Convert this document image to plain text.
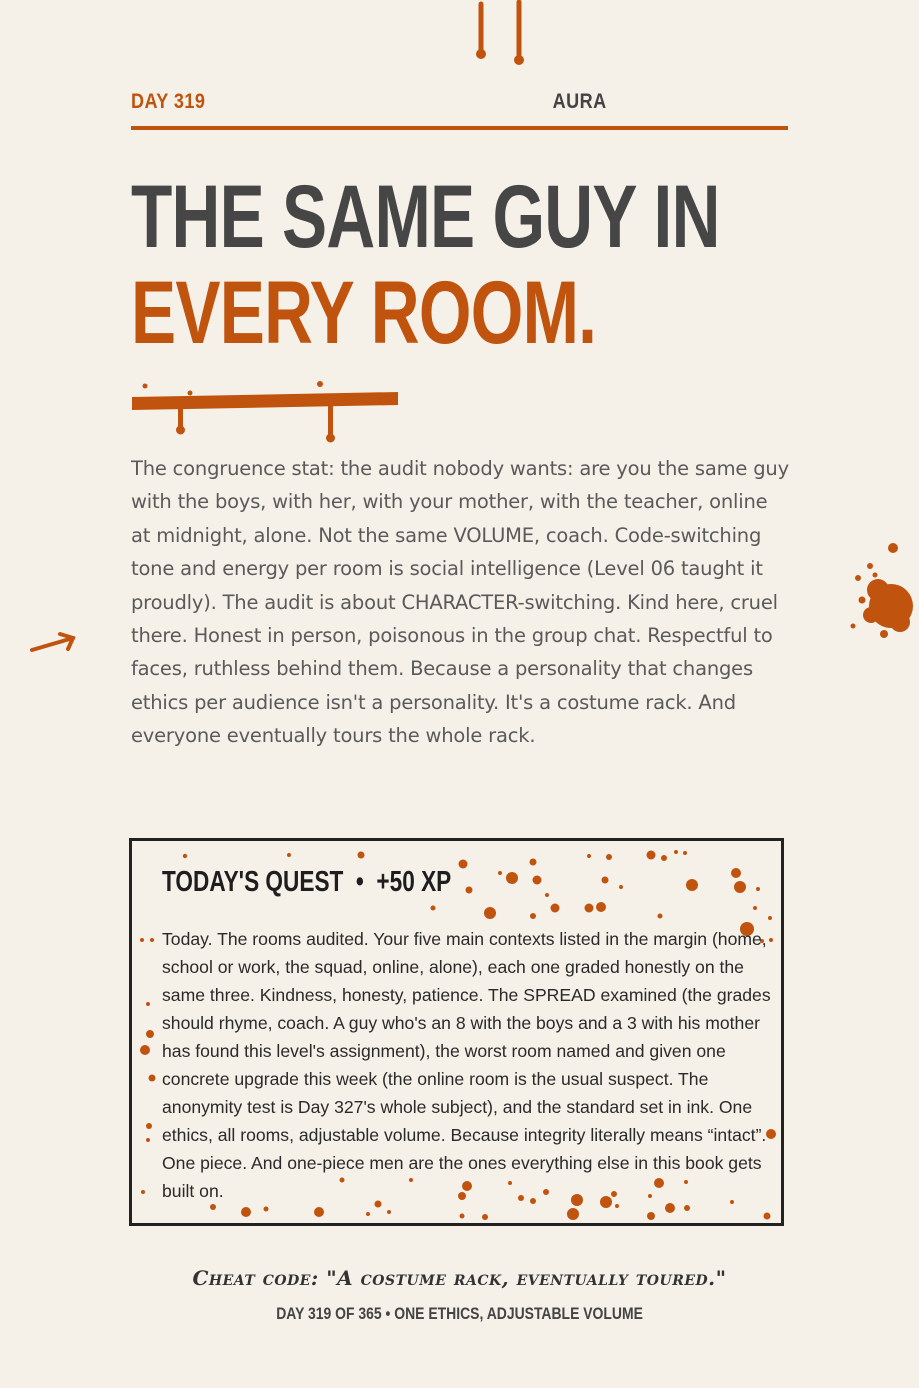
DAY 319	AURA
THE SAME GUY IN
EVERY ROOM.

The congruence stat: the audit nobody wants: are you the same guy with the boys, with her, with your mother, with the teacher, online at midnight, alone. Not the same VOLUME, coach. Code-switching tone and energy per room is social intelligence (Level 06 taught it proudly). The audit is about CHARACTER-switching. Kind here, cruel there. Honest in person, poisonous in the group chat. Respectful to faces, ruthless behind them. Because a personality that changes ethics per audience isn't a personality. It's a costume rack. And everyone eventually tours the whole rack.

TODAY'S QUEST  •  +50 XP

Today. The rooms audited. Your five main contexts listed in the margin (home, school or work, the squad, online, alone), each one graded honestly on the same three. Kindness, honesty, patience. The SPREAD examined (the grades should rhyme, coach. A guy who's an 8 with the boys and a 3 with his mother has found this level's assignment), the worst room named and given one concrete upgrade this week (the online room is the usual suspect. The anonymity test is Day 327's whole subject), and the standard set in ink. One ethics, all rooms, adjustable volume. Because integrity literally means “intact”. One piece. And one-piece men are the ones everything else in this book gets built on.

Cheat code: "A costume rack, eventually toured."
DAY 319 OF 365 • ONE ETHICS, ADJUSTABLE VOLUME
